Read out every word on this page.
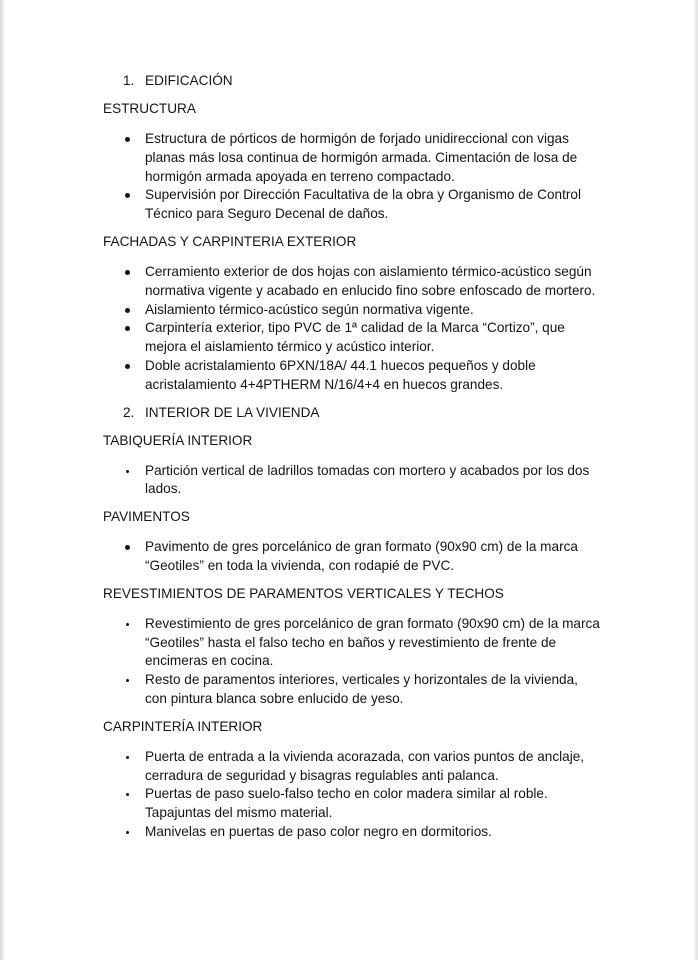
1. EDIFICACIÓN
ESTRUCTURA
Estructura de pórticos de hormigón de forjado unidireccional con vigas planas más losa continua de hormigón armada. Cimentación de losa de hormigón armada apoyada en terreno compactado.
Supervisión por Dirección Facultativa de la obra y Organismo de Control Técnico para Seguro Decenal de daños.
FACHADAS Y CARPINTERIA EXTERIOR
Cerramiento exterior de dos hojas con aislamiento térmico-acústico según normativa vigente y acabado en enlucido fino sobre enfoscado de mortero.
Aislamiento térmico-acústico según normativa vigente.
Carpintería exterior, tipo PVC de 1ª calidad de la Marca “Cortizo”, que mejora el aislamiento térmico y acústico interior.
Doble acristalamiento 6PXN/18A/ 44.1 huecos pequeños y doble acristalamiento 4+4PTHERM N/16/4+4 en huecos grandes.
2. INTERIOR DE LA VIVIENDA
TABIQUERÍA INTERIOR
Partición vertical de ladrillos tomadas con mortero y acabados por los dos lados.
PAVIMENTOS
Pavimento de gres porcelánico de gran formato (90x90 cm) de la marca “Geotiles” en toda la vivienda, con rodapié de PVC.
REVESTIMIENTOS DE PARAMENTOS VERTICALES Y TECHOS
Revestimiento de gres porcelánico de gran formato (90x90 cm) de la marca “Geotiles” hasta el falso techo en baños y revestimiento de frente de encimeras en cocina.
Resto de paramentos interiores, verticales y horizontales de la vivienda, con pintura blanca sobre enlucido de yeso.
CARPINTERÍA INTERIOR
Puerta de entrada a la vivienda acorazada, con varios puntos de anclaje, cerradura de seguridad y bisagras regulables anti palanca.
Puertas de paso suelo-falso techo en color madera similar al roble. Tapajuntas del mismo material.
Manivelas en puertas de paso color negro en dormitorios.
